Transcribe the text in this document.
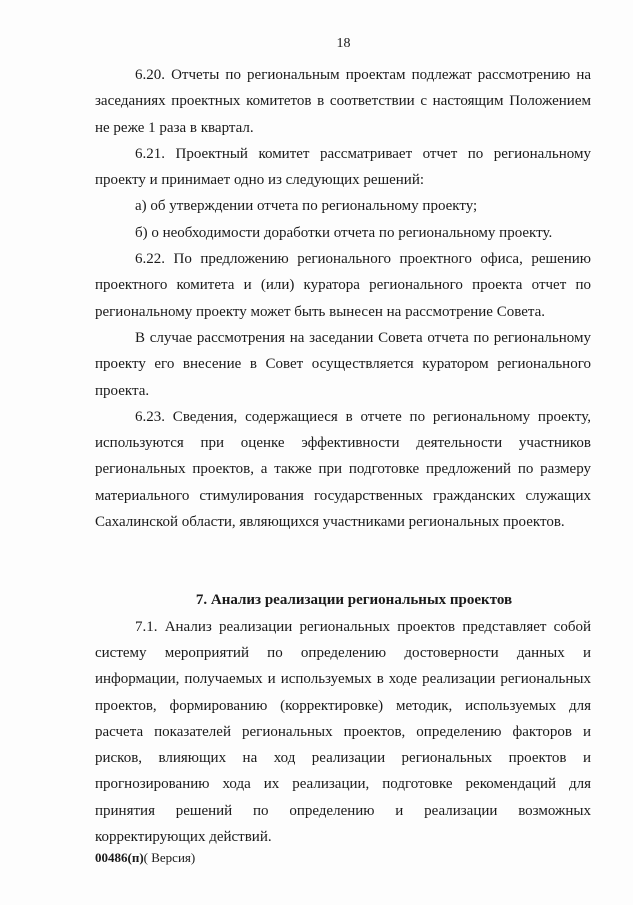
18

6.20. Отчеты по региональным проектам подлежат рассмотрению на заседаниях проектных комитетов в соответствии с настоящим Положением не реже 1 раза в квартал.

6.21. Проектный комитет рассматривает отчет по региональному проекту и принимает одно из следующих решений:

а) об утверждении отчета по региональному проекту;

б) о необходимости доработки отчета по региональному проекту.

6.22. По предложению регионального проектного офиса, решению проектного комитета и (или) куратора регионального проекта отчет по региональному проекту может быть вынесен на рассмотрение Совета.

В случае рассмотрения на заседании Совета отчета по региональному проекту его внесение в Совет осуществляется куратором регионального проекта.

6.23. Сведения, содержащиеся в отчете по региональному проекту, используются при оценке эффективности деятельности участников региональных проектов, а также при подготовке предложений по размеру материального стимулирования государственных гражданских служащих Сахалинской области, являющихся участниками региональных проектов.

7. Анализ реализации региональных проектов

7.1. Анализ реализации региональных проектов представляет собой систему мероприятий по определению достоверности данных и информации, получаемых и используемых в ходе реализации региональных проектов, формированию (корректировке) методик, используемых для расчета показателей региональных проектов, определению факторов и рисков, влияющих на ход реализации региональных проектов и прогнозированию хода их реализации, подготовке рекомендаций для принятия решений по определению и реализации возможных корректирующих действий.

00486(п)( Версия)
